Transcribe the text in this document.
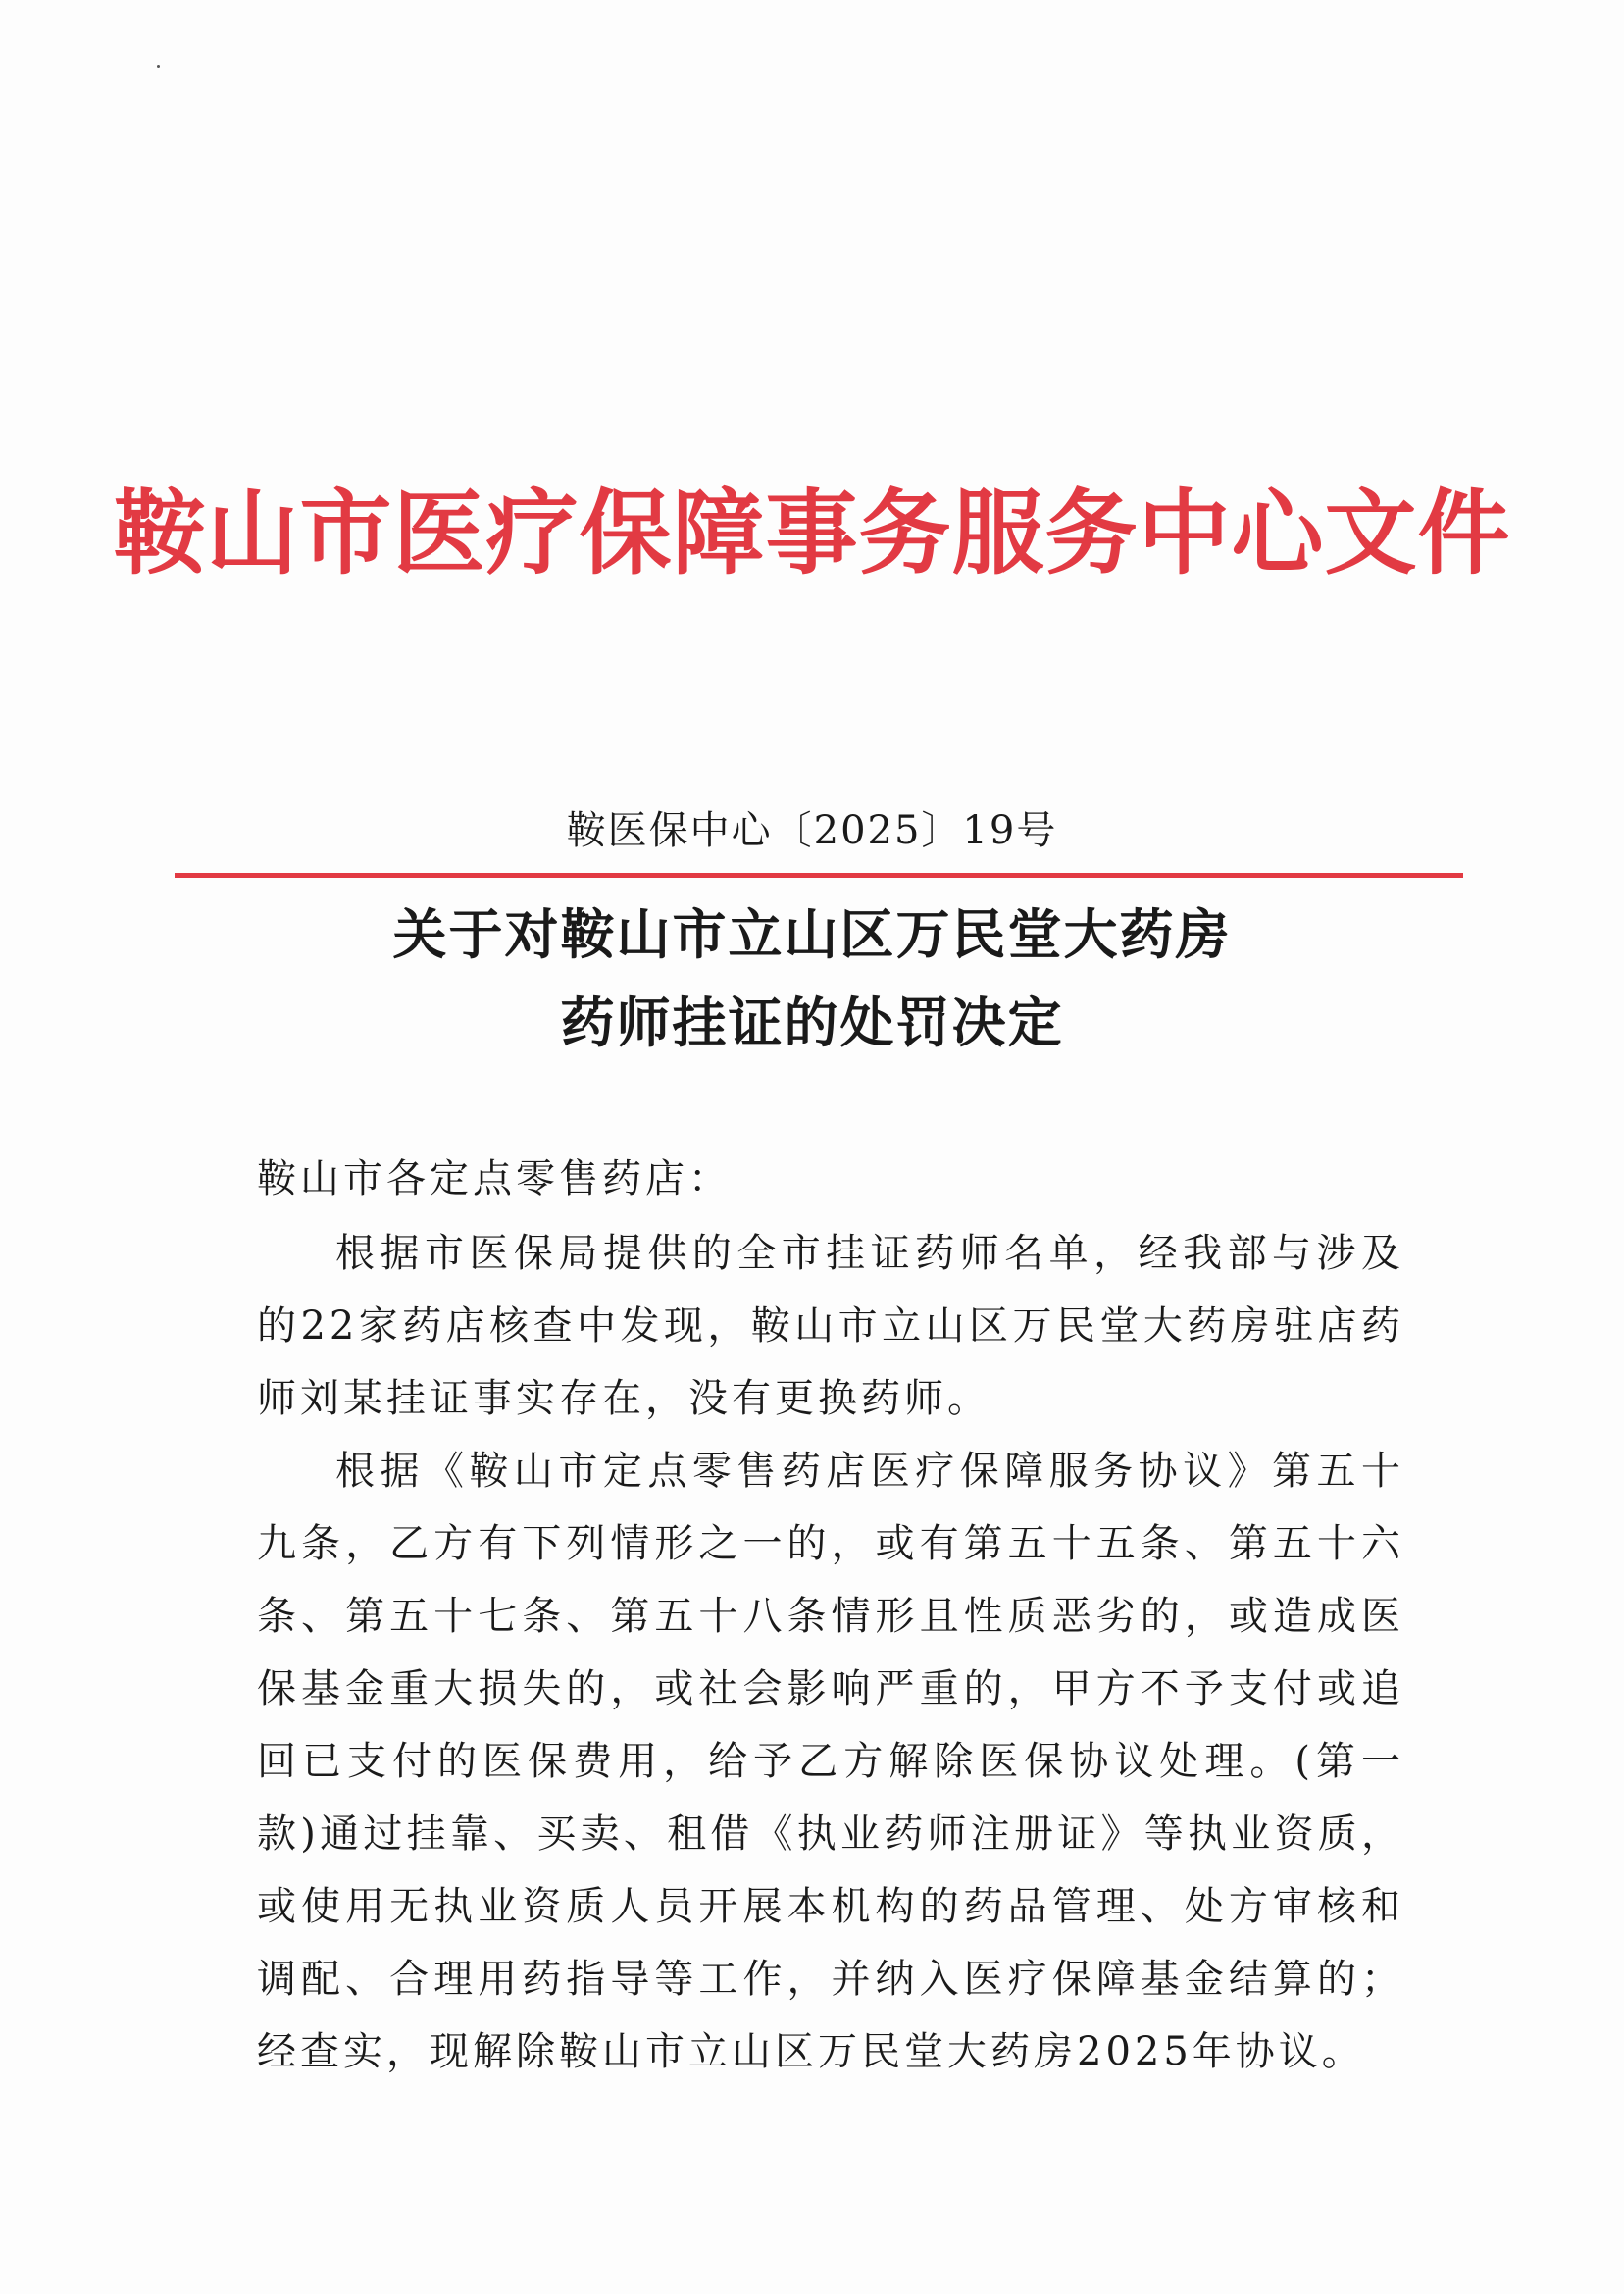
鞍山市医疗保障事务服务中心文件
鞍医保中心〔2025〕19号
关于对鞍山市立山区万民堂大药房
药师挂证的处罚决定

鞍山市各定点零售药店：

根据市医保局提供的全市挂证药师名单，经我部与涉及的22家药店核查中发现，鞍山市立山区万民堂大药房驻店药师刘某挂证事实存在，没有更换药师。

根据《鞍山市定点零售药店医疗保障服务协议》第五十九条，乙方有下列情形之一的，或有第五十五条、第五十六条、第五十七条、第五十八条情形且性质恶劣的，或造成医保基金重大损失的，或社会影响严重的，甲方不予支付或追回已支付的医保费用，给予乙方解除医保协议处理。(第一款)通过挂靠、买卖、租借《执业药师注册证》等执业资质，或使用无执业资质人员开展本机构的药品管理、处方审核和调配、合理用药指导等工作，并纳入医疗保障基金结算的；经查实，现解除鞍山市立山区万民堂大药房2025年协议。
